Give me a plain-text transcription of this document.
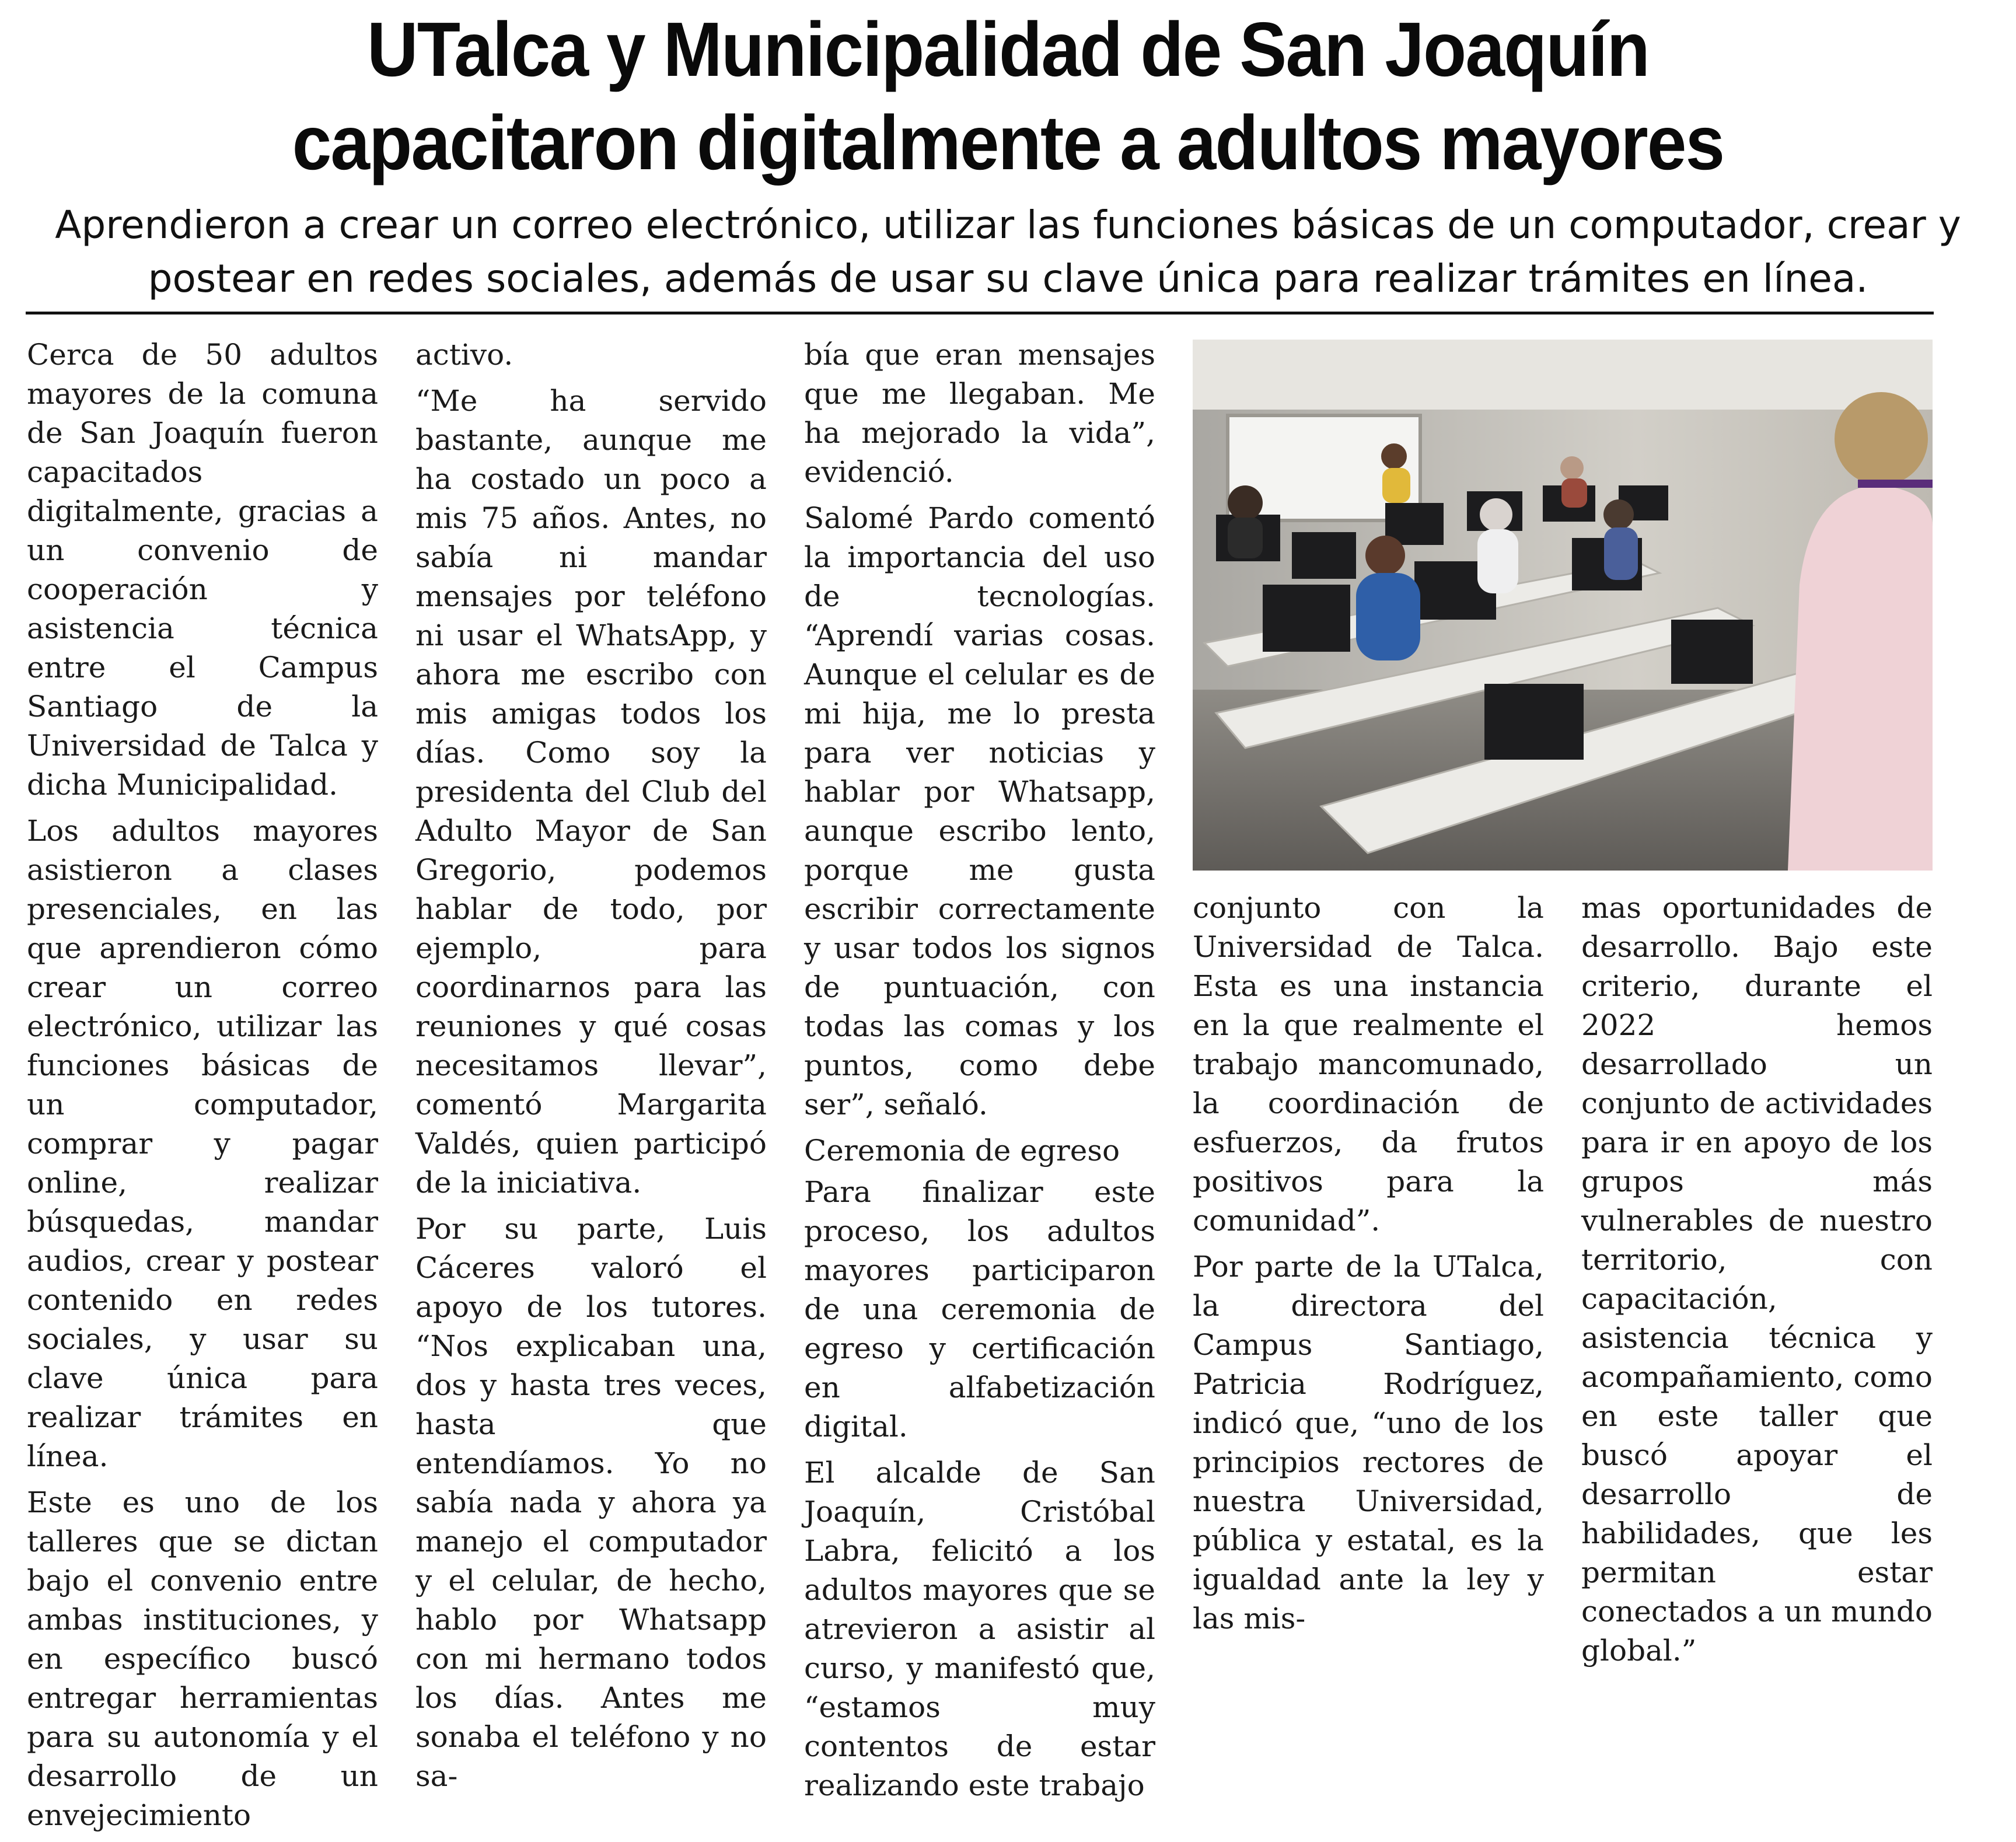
UTalca y Municipalidad de San Joaquín
capacitaron digitalmente a adultos mayores

Aprendieron a crear un correo electrónico, utilizar las funciones básicas de un computador, crear y

postear en redes sociales, además de usar su clave única para realizar trámites en línea.

Cerca de 50 adultos mayores de la comuna de San Joaquín fueron capacitados digitalmente, gracias a un convenio de cooperación y asistencia técnica entre el Campus Santiago de la Universidad de Talca y dicha Municipalidad.

Los adultos mayores asistieron a clases presenciales, en las que aprendieron cómo crear un correo electrónico, utilizar las funciones básicas de un computador, comprar y pagar online, realizar búsquedas, mandar audios, crear y postear contenido en redes sociales, y usar su clave única para realizar trámites en línea.

Este es uno de los talleres que se dictan bajo el convenio entre ambas instituciones, y en específico buscó entregar herramientas para su autonomía y el desarrollo de un envejecimiento

activo.

“Me ha servido bastante, aunque me ha costado un poco a mis 75 años. Antes, no sabía ni mandar mensajes por teléfono ni usar el WhatsApp, y ahora me escribo con mis amigas todos los días. Como soy la presidenta del Club del Adulto Mayor de San Gregorio, podemos hablar de todo, por ejemplo, para coordinarnos para las reuniones y qué cosas necesitamos llevar”, comentó Margarita Valdés, quien participó de la iniciativa.

Por su parte, Luis Cáceres valoró el apoyo de los tutores. “Nos explicaban una, dos y hasta tres veces, hasta que entendíamos. Yo no sabía nada y ahora ya manejo el computador y el celular, de hecho, hablo por Whatsapp con mi hermano todos los días. Antes me sonaba el teléfono y no sa-

bía que eran mensajes que me llegaban. Me ha mejorado la vida”, evidenció.

Salomé Pardo comentó la importancia del uso de tecnologías. “Aprendí varias cosas. Aunque el celular es de mi hija, me lo presta para ver noticias y hablar por Whatsapp, aunque escribo lento, porque me gusta escribir correctamente y usar todos los signos de puntuación, con todas las comas y los puntos, como debe ser”, señaló.

Ceremonia de egreso

Para finalizar este proceso, los adultos mayores participaron de una ceremonia de egreso y certificación en alfabetización digital.

El alcalde de San Joaquín, Cristóbal Labra, felicitó a los adultos mayores que se atrevieron a asistir al curso, y manifestó que, “estamos muy contentos de estar realizando este trabajo

conjunto con la Universidad de Talca. Esta es una instancia en la que realmente el trabajo mancomunado, la coordinación de esfuerzos, da frutos positivos para la comunidad”.

Por parte de la UTalca, la directora del Campus Santiago, Patricia Rodríguez, indicó que, “uno de los principios rectores de nuestra Universidad, pública y estatal, es la igualdad ante la ley y las mis-

mas oportunidades de desarrollo. Bajo este criterio, durante el 2022 hemos desarrollado un conjunto de actividades para ir en apoyo de los grupos más vulnerables de nuestro territorio, con capacitación, asistencia técnica y acompañamiento, como en este taller que buscó apoyar el desarrollo de habilidades, que les permitan estar conectados a un mundo global.”
